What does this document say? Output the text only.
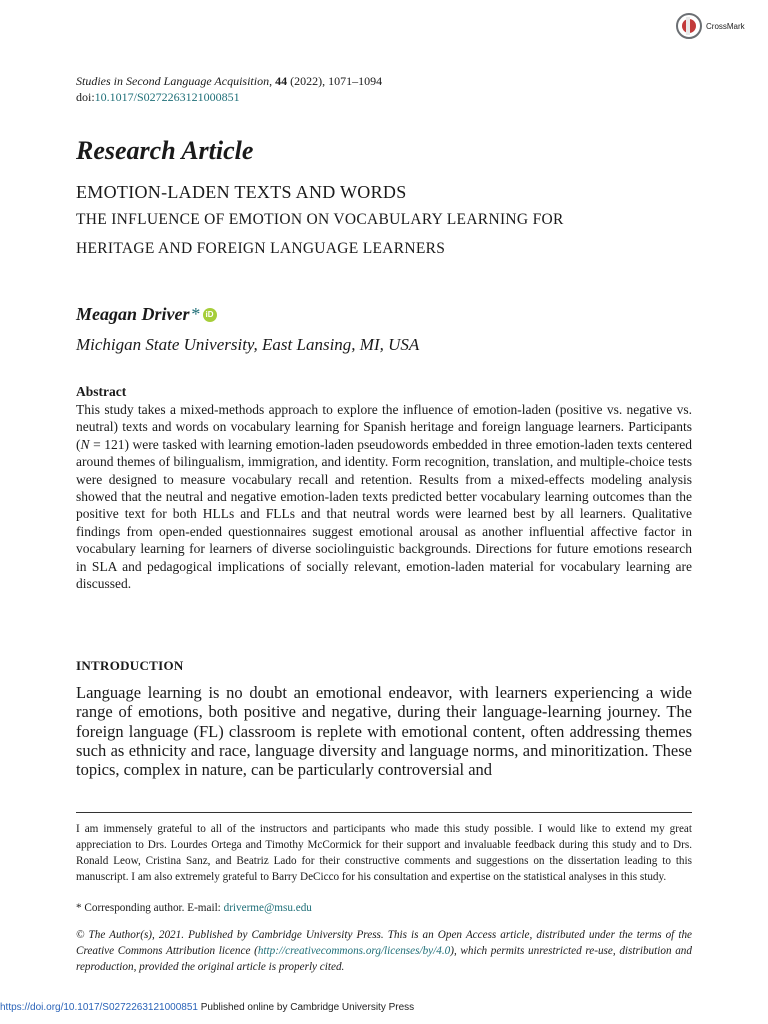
CrossMark
Studies in Second Language Acquisition, 44 (2022), 1071–1094
doi:10.1017/S0272263121000851
Research Article
EMOTION-LADEN TEXTS AND WORDS
THE INFLUENCE OF EMOTION ON VOCABULARY LEARNING FOR
HERITAGE AND FOREIGN LANGUAGE LEARNERS
Meagan Driver * iD
Michigan State University, East Lansing, MI, USA
Abstract
This study takes a mixed-methods approach to explore the influence of emotion-laden (positive vs. negative vs. neutral) texts and words on vocabulary learning for Spanish heritage and foreign language learners. Participants (N = 121) were tasked with learning emotion-laden pseudowords embedded in three emotion-laden texts centered around themes of bilingualism, immigration, and identity. Form recognition, translation, and multiple-choice tests were designed to measure vocabulary recall and retention. Results from a mixed-effects modeling analysis showed that the neutral and negative emotion-laden texts predicted better vocabulary learning outcomes than the positive text for both HLLs and FLLs and that neutral words were learned best by all learners. Qualitative findings from open-ended questionnaires suggest emotional arousal as another influential affective factor in vocabulary learning for learners of diverse sociolinguistic backgrounds. Directions for future emotions research in SLA and pedagogical implications of socially relevant, emotion-laden material for vocabulary learning are discussed.
INTRODUCTION
Language learning is no doubt an emotional endeavor, with learners experiencing a wide range of emotions, both positive and negative, during their language-learning journey. The foreign language (FL) classroom is replete with emotional content, often addressing themes such as ethnicity and race, language diversity and language norms, and minoritization. These topics, complex in nature, can be particularly controversial and
I am immensely grateful to all of the instructors and participants who made this study possible. I would like to extend my great appreciation to Drs. Lourdes Ortega and Timothy McCormick for their support and invaluable feedback during this study and to Drs. Ronald Leow, Cristina Sanz, and Beatriz Lado for their constructive comments and suggestions on the dissertation leading to this manuscript. I am also extremely grateful to Barry DeCicco for his consultation and expertise on the statistical analyses in this study.
* Corresponding author. E-mail: driverme@msu.edu
© The Author(s), 2021. Published by Cambridge University Press. This is an Open Access article, distributed under the terms of the Creative Commons Attribution licence (http://creativecommons.org/licenses/by/4.0), which permits unrestricted re-use, distribution and reproduction, provided the original article is properly cited.
https://doi.org/10.1017/S0272263121000851 Published online by Cambridge University Press
